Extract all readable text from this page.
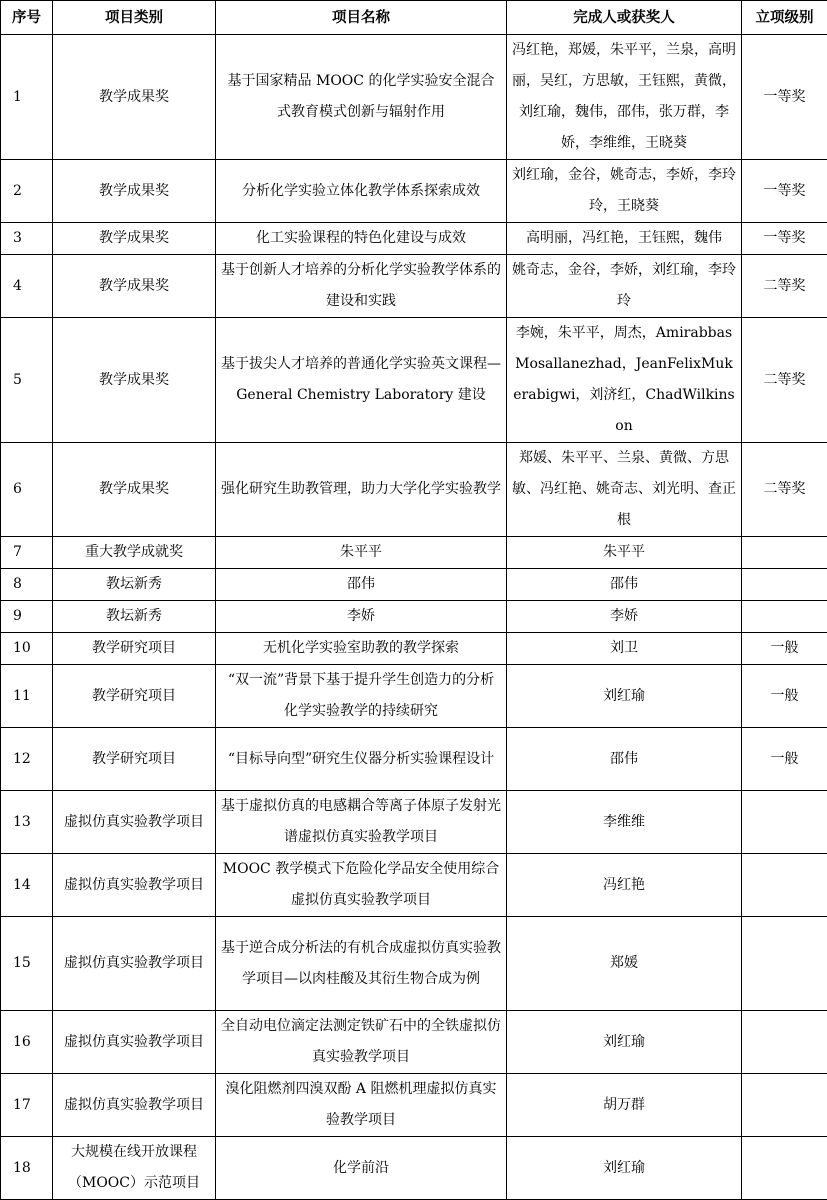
序号	项目类别	项目名称	完成人或获奖人	立项级别
1	教学成果奖	基于国家精品 MOOC 的化学实验安全混合式教育模式创新与辐射作用	冯红艳，郑媛，朱平平，兰泉，高明丽，吴红，方思敏，王钰熙，黄微，刘红瑜，魏伟，邵伟，张万群，李娇，李维维，王晓葵	一等奖
2	教学成果奖	分析化学实验立体化教学体系探索成效	刘红瑜，金谷，姚奇志，李娇，李玲玲，王晓葵	一等奖
3	教学成果奖	化工实验课程的特色化建设与成效	高明丽，冯红艳，王钰熙，魏伟	一等奖
4	教学成果奖	基于创新人才培养的分析化学实验教学体系的建设和实践	姚奇志，金谷，李娇，刘红瑜，李玲玲	二等奖
5	教学成果奖	基于拔尖人才培养的普通化学实验英文课程—General Chemistry Laboratory 建设	李婉，朱平平，周杰，AmirabbasMosallanezhad，JeanFelixMukerabigwi，刘济红，ChadWilkinson	二等奖
6	教学成果奖	强化研究生助教管理，助力大学化学实验教学	郑媛、朱平平、兰泉、黄微、方思敏、冯红艳、姚奇志、刘光明、查正根	二等奖
7	重大教学成就奖	朱平平	朱平平	
8	教坛新秀	邵伟	邵伟	
9	教坛新秀	李娇	李娇	
10	教学研究项目	无机化学实验室助教的教学探索	刘卫	一般
11	教学研究项目	“双一流”背景下基于提升学生创造力的分析化学实验教学的持续研究	刘红瑜	一般
12	教学研究项目	“目标导向型”研究生仪器分析实验课程设计	邵伟	一般
13	虚拟仿真实验教学项目	基于虚拟仿真的电感耦合等离子体原子发射光谱虚拟仿真实验教学项目	李维维	
14	虚拟仿真实验教学项目	MOOC 教学模式下危险化学品安全使用综合虚拟仿真实验教学项目	冯红艳	
15	虚拟仿真实验教学项目	基于逆合成分析法的有机合成虚拟仿真实验教学项目—以肉桂酸及其衍生物合成为例	郑媛	
16	虚拟仿真实验教学项目	全自动电位滴定法测定铁矿石中的全铁虚拟仿真实验教学项目	刘红瑜	
17	虚拟仿真实验教学项目	溴化阻燃剂四溴双酚 A 阻燃机理虚拟仿真实验教学项目	胡万群	
18	大规模在线开放课程（MOOC）示范项目	化学前沿	刘红瑜	
